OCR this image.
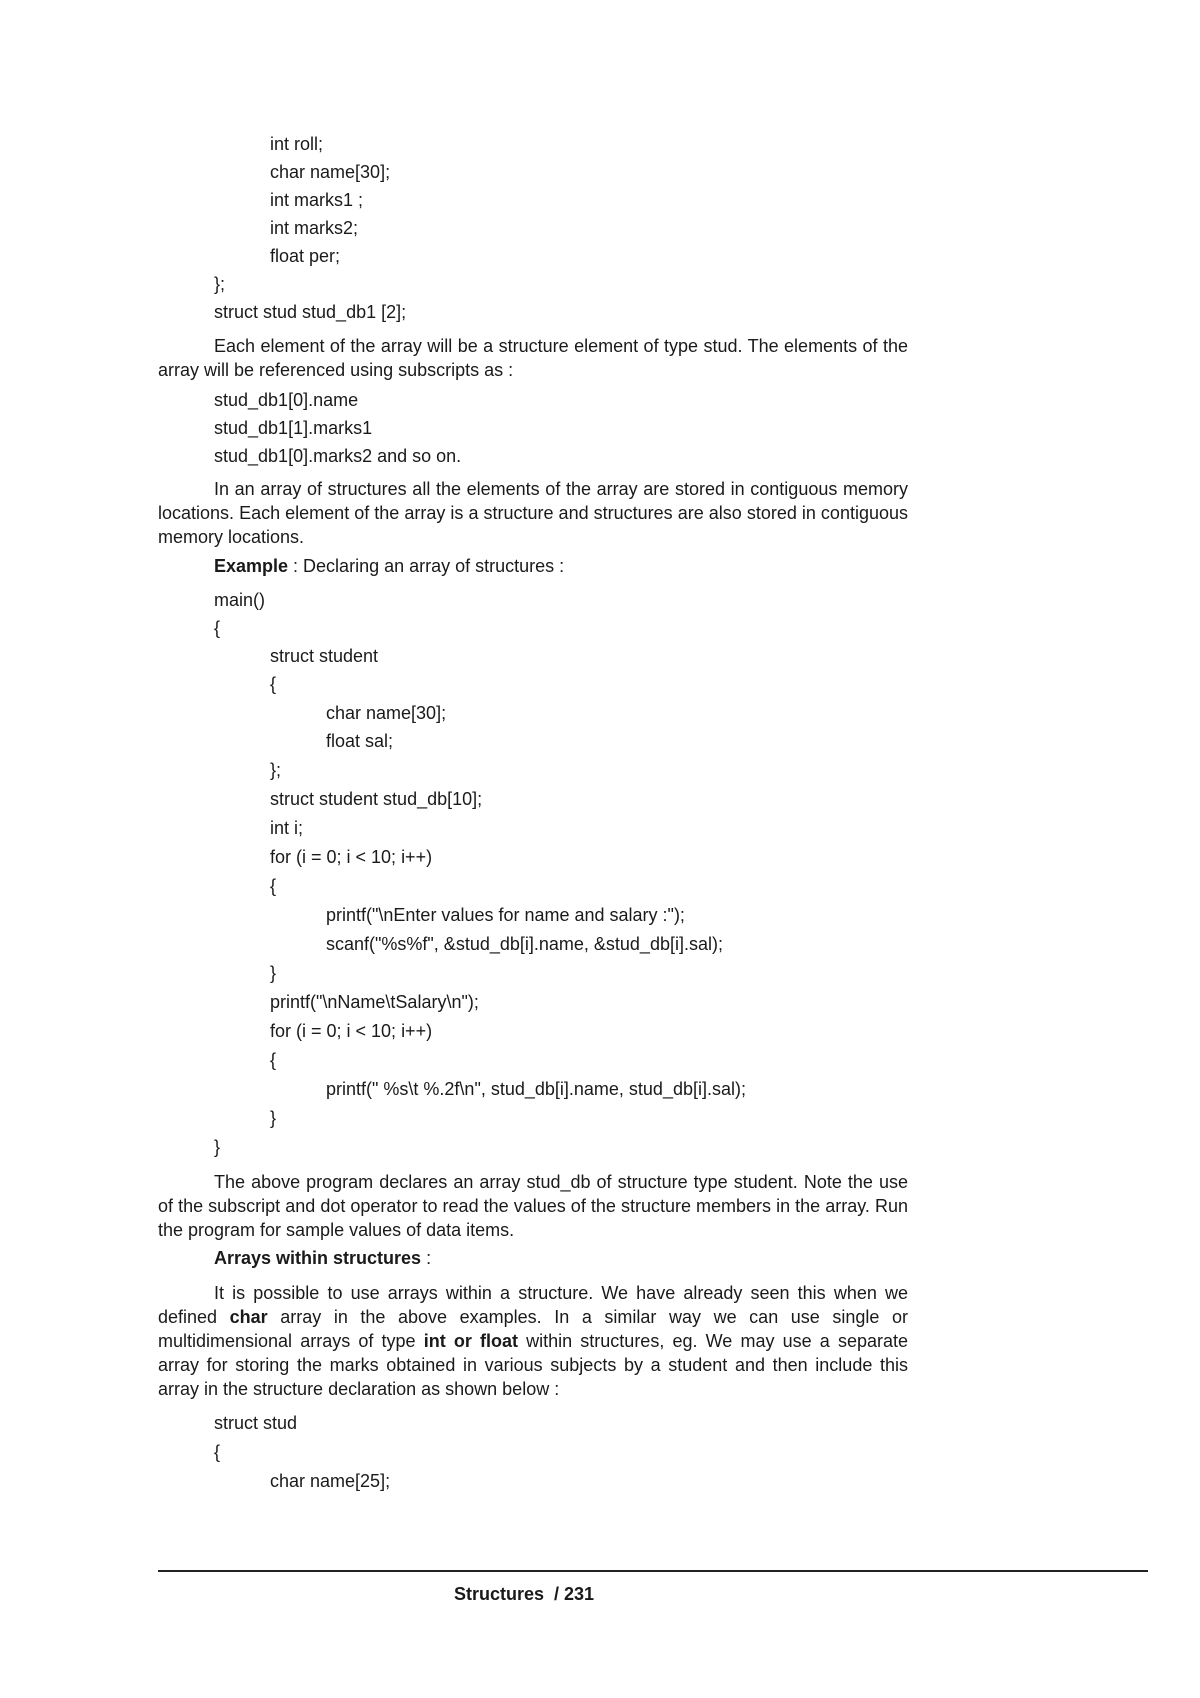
int roll;
char name[30];
int marks1 ;
int marks2;
float per;
};
struct stud stud_db1 [2];
Each element of the array will be a structure element of type stud. The elements of the array will be referenced using subscripts as :
stud_db1[0].name
stud_db1[1].marks1
stud_db1[0].marks2 and so on.
In an array of structures all the elements of the array are stored in contiguous memory locations. Each element of the array is a structure and structures are also stored in contiguous memory locations.
Example : Declaring an array of structures :
main()
{
struct student
{
char name[30];
float sal;
};
struct student stud_db[10];
int i;
for (i = 0; i < 10; i++)
{
printf("\nEnter values for name and salary :");
scanf("%s%f", &stud_db[i].name, &stud_db[i].sal);
}
printf("\nName\tSalary\n");
for (i = 0; i < 10; i++)
{
printf(" %s\t %.2f\n", stud_db[i].name, stud_db[i].sal);
}
}
The above program declares an array stud_db of structure type student. Note the use of the subscript and dot operator to read the values of the structure members in the array. Run the program for sample values of data items.
Arrays within structures :
It is possible to use arrays within a structure. We have already seen this when we defined char array in the above examples. In a similar way we can use single or multidimensional arrays of type int or float within structures, eg. We may use a separate array for storing the marks obtained in various subjects by a student and then include this array in the structure declaration as shown below :
struct stud
{
char name[25];
Structures  / 231
